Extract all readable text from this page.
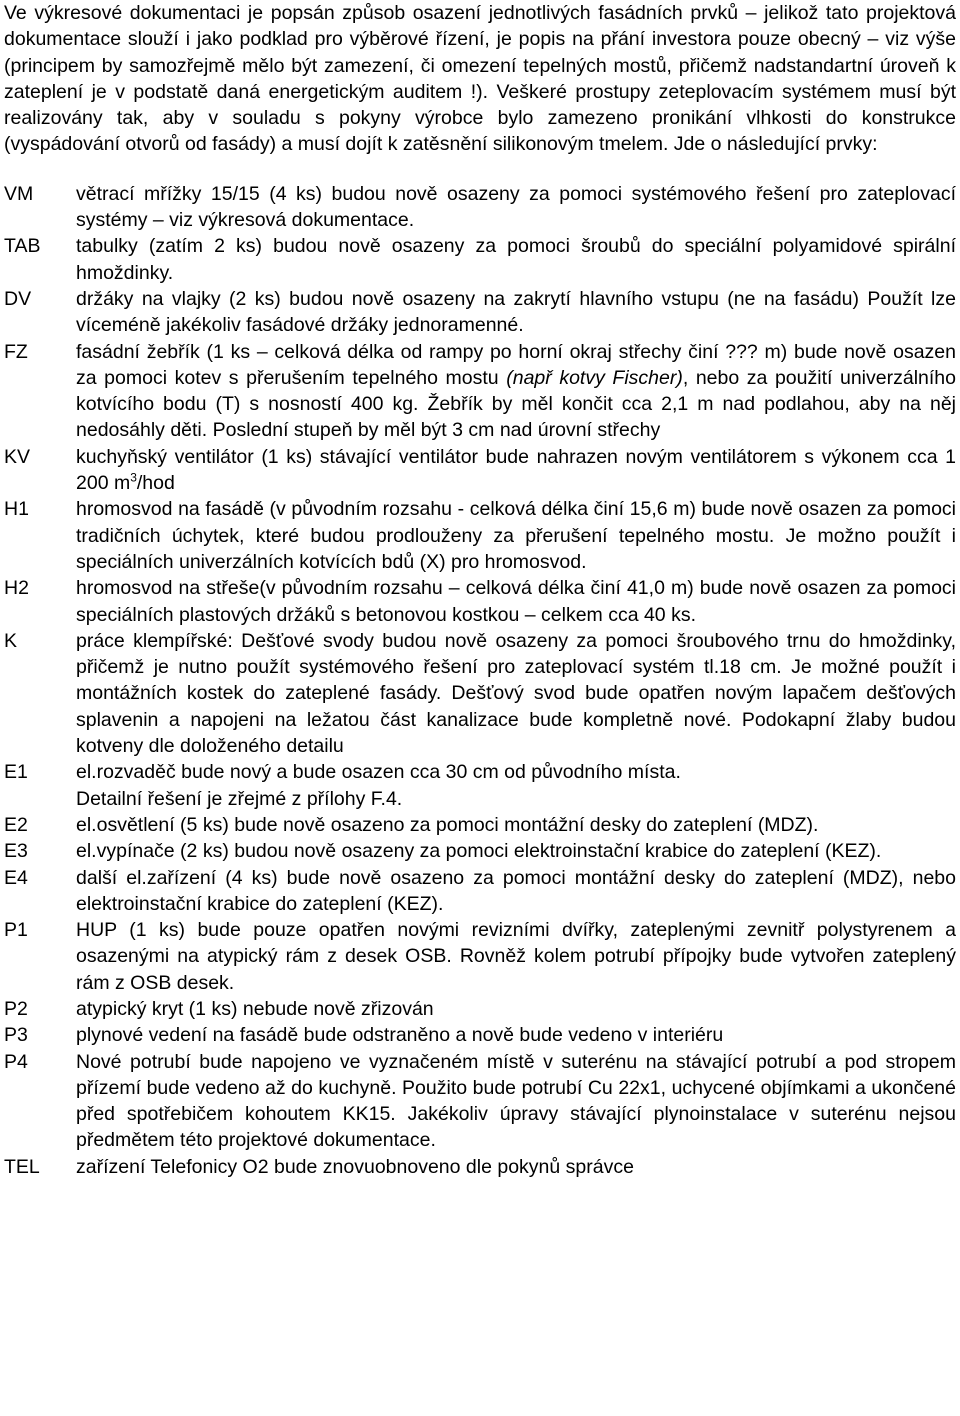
Ve výkresové dokumentaci je popsán způsob osazení jednotlivých fasádních prvků – jelikož tato projektová dokumentace slouží i jako podklad pro výběrové řízení, je popis na přání investora pouze obecný – viz výše (principem by samozřejmě mělo být zamezení, či omezení tepelných mostů, přičemž nadstandartní úroveň k zateplení je v podstatě daná energetickým auditem !). Veškeré prostupy zeteplovacím systémem musí být realizovány tak, aby v souladu s pokyny výrobce bylo zamezeno pronikání vlhkosti do konstrukce (vyspádování otvorů od fasády) a musí dojít k zatěsnění silikonovým tmelem. Jde o následující prvky:

VM	větrací mřížky 15/15 (4 ks) budou nově osazeny za pomoci systémového řešení pro zateplovací systémy – viz výkresová dokumentace.

TAB	tabulky (zatím 2 ks) budou nově osazeny za pomoci šroubů do speciální polyamidové spirální hmoždinky.

DV	držáky na vlajky (2 ks) budou nově osazeny na zakrytí hlavního vstupu (ne na fasádu) Použít lze víceméně jakékoliv fasádové držáky jednoramenné.

FZ	fasádní žebřík (1 ks – celková délka od rampy po horní okraj střechy činí ??? m) bude nově osazen za pomoci kotev s přerušením tepelného mostu (např kotvy Fischer), nebo za použití univerzálního kotvícího bodu (T) s nosností 400 kg. Žebřík by měl končit cca 2,1 m nad podlahou, aby na něj nedosáhly děti. Poslední stupeň by měl být 3 cm nad úrovní střechy

KV	kuchyňský ventilátor (1 ks) stávající ventilátor bude nahrazen novým ventilátorem s výkonem cca 1 200 $m^3$/hod

H1	hromosvod na fasádě (v původním rozsahu - celková délka činí 15,6 m) bude nově osazen za pomoci tradičních úchytek, které budou prodlouženy za přerušení tepelného mostu. Je možno použít i speciálních univerzálních kotvících bdů (X) pro hromosvod.

H2	hromosvod na střeše(v původním rozsahu – celková délka činí 41,0 m) bude nově osazen za pomoci speciálních plastových držáků s betonovou kostkou – celkem cca 40 ks.

K	práce klempířské: Dešťové svody budou nově osazeny za pomoci šroubového trnu do hmoždinky, přičemž je nutno použít systémového řešení pro zateplovací systém tl.18 cm. Je možné použít i montážních kostek do zateplené fasády. Dešťový svod bude opatřen novým lapačem dešťových splavenin a napojeni na ležatou část kanalizace bude kompletně nové. Podokapní žlaby budou kotveny dle doloženého detailu

E1	el.rozvaděč bude nový a bude osazen cca 30 cm od původního místa.

Detailní řešení je zřejmé z přílohy F.4.

E2	el.osvětlení (5 ks) bude nově osazeno za pomoci montážní desky do zateplení (MDZ).

E3	el.vypínače (2 ks) budou nově osazeny za pomoci elektroinstační krabice do zateplení (KEZ).

E4	další el.zařízení (4 ks) bude nově osazeno za pomoci montážní desky do zateplení (MDZ), nebo elektroinstační krabice do zateplení (KEZ).

P1	HUP (1 ks) bude pouze opatřen novými revizními dvířky, zateplenými zevnitř polystyrenem a osazenými na atypický rám z desek OSB. Rovněž kolem potrubí přípojky bude vytvořen zateplený rám z OSB desek.

P2	atypický kryt (1 ks) nebude nově zřizován

P3	plynové vedení na fasádě bude odstraněno a nově bude vedeno v interiéru

P4	Nové potrubí bude napojeno ve vyznačeném místě v suterénu na stávající potrubí a pod stropem přízemí bude vedeno až do kuchyně. Použito bude potrubí Cu 22x1, uchycené objímkami a ukončené před spotřebičem kohoutem KK15. Jakékoliv úpravy stávající plynoinstalace v suterénu nejsou předmětem této projektové dokumentace.

TEL	zařízení Telefonicy O2 bude znovuobnoveno dle pokynů správce
